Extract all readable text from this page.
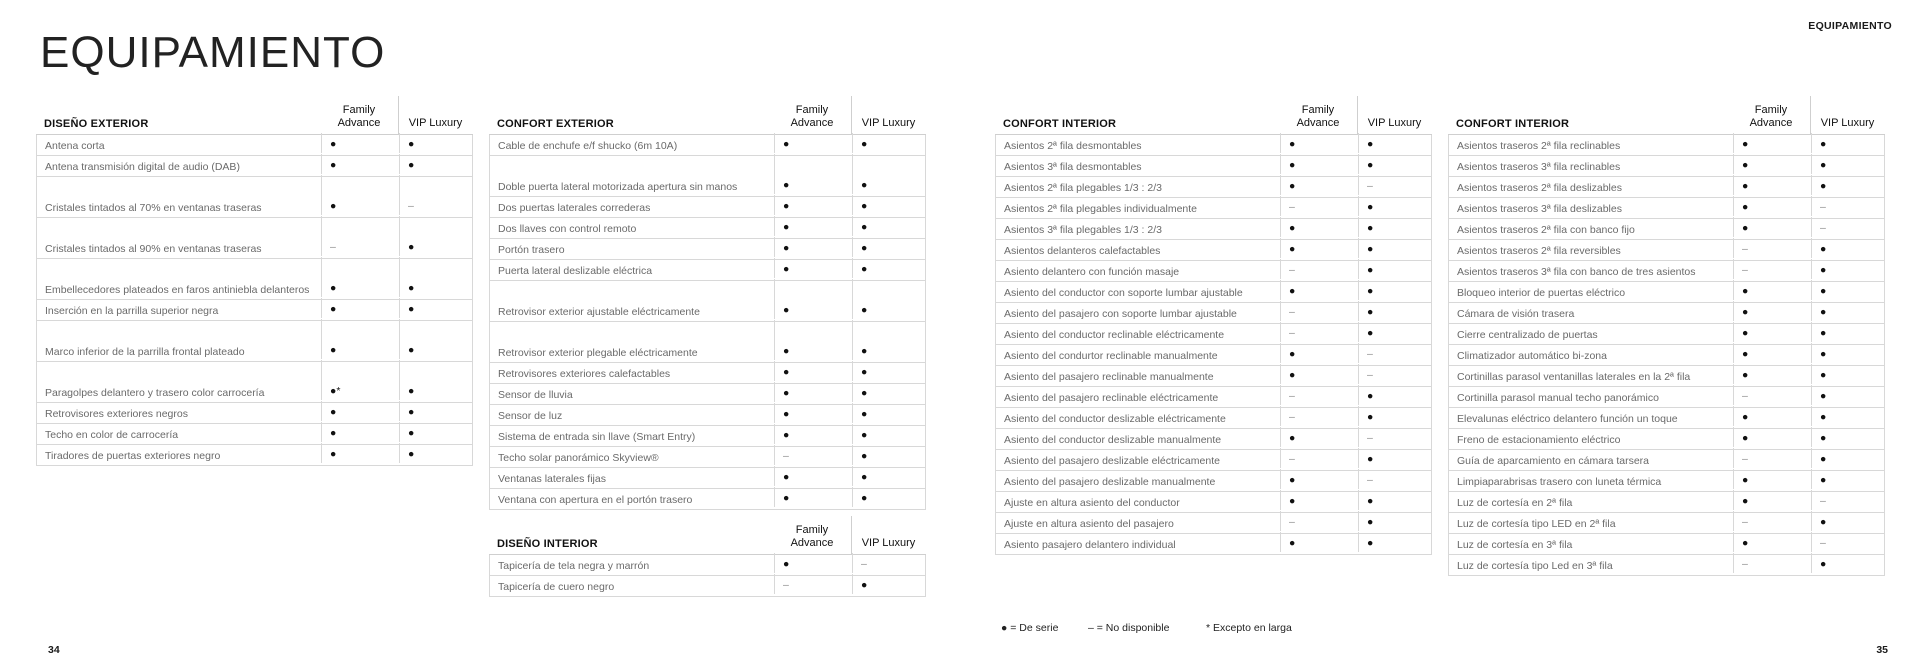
EQUIPAMIENTO
EQUIPAMIENTO
34	35
DISEÑO EXTERIOR
Family
Advance	VIP Luxury
Antena corta	●	●
Antena transmisión digital de audio (DAB)	●	●
Cristales tintados al 70% en ventanas traseras	●	–
Cristales tintados al 90% en ventanas traseras	–	●
Embellecedores plateados en faros antiniebla delanteros	●	●
Inserción en la parrilla superior negra	●	●
Marco inferior de la parrilla frontal plateado	●	●
Paragolpes delantero y trasero color carrocería	●*	●
Retrovisores exteriores negros	●	●
Techo en color de carrocería	●	●
Tiradores de puertas exteriores negro	●	●
CONFORT EXTERIOR
Family
Advance	VIP Luxury
Cable de enchufe e/f shucko (6m 10A)	●	●
Doble puerta lateral motorizada apertura sin manos	●	●
Dos puertas laterales correderas	●	●
Dos llaves con control remoto	●	●
Portón trasero	●	●
Puerta lateral deslizable eléctrica	●	●
Retrovisor exterior ajustable eléctricamente	●	●
Retrovisor exterior plegable eléctricamente	●	●
Retrovisores exteriores calefactables	●	●
Sensor de lluvia	●	●
Sensor de luz	●	●
Sistema de entrada sin llave (Smart Entry)	●	●
Techo solar panorámico Skyview®	–	●
Ventanas laterales fijas	●	●
Ventana con apertura en el portón trasero	●	●
DISEÑO INTERIOR
Family
Advance	VIP Luxury
Tapicería de tela negra y marrón	●	–
Tapicería de cuero negro	–	●
CONFORT INTERIOR
Family
Advance	VIP Luxury
Asientos 2ª fila desmontables	●	●
Asientos 3ª fila desmontables	●	●
Asientos 2ª fila plegables 1/3 : 2/3	●	–
Asientos 2ª fila plegables individualmente	–	●
Asientos 3ª fila plegables 1/3 : 2/3	●	●
Asientos delanteros calefactables	●	●
Asiento delantero con función masaje	–	●
Asiento del conductor con soporte lumbar ajustable	●	●
Asiento del pasajero con soporte lumbar ajustable	–	●
Asiento del conductor reclinable eléctricamente	–	●
Asiento del condurtor reclinable manualmente	●	–
Asiento del pasajero reclinable manualmente	●	–
Asiento del pasajero reclinable eléctricamente	–	●
Asiento del conductor deslizable eléctricamente	–	●
Asiento del conductor deslizable manualmente	●	–
Asiento del pasajero deslizable eléctricamente	–	●
Asiento del pasajero deslizable manualmente	●	–
Ajuste en altura asiento del conductor	●	●
Ajuste en altura asiento del pasajero	–	●
Asiento pasajero delantero individual	●	●
CONFORT INTERIOR
Family
Advance	VIP Luxury
Asientos traseros 2ª fila reclinables	●	●
Asientos traseros 3ª fila reclinables	●	●
Asientos traseros 2ª fila deslizables	●	●
Asientos traseros 3ª fila deslizables	●	–
Asientos traseros 2ª fila con banco fijo	●	–
Asientos traseros 2ª fila reversibles	–	●
Asientos traseros 3ª fila con banco de tres asientos	–	●
Bloqueo interior de puertas eléctrico	●	●
Cámara de visión trasera	●	●
Cierre centralizado de puertas	●	●
Climatizador automático bi-zona	●	●
Cortinillas parasol ventanillas laterales en la 2ª fila	●	●
Cortinilla parasol manual techo panorámico	–	●
Elevalunas eléctrico delantero función un toque	●	●
Freno de estacionamiento eléctrico	●	●
Guía de aparcamiento en cámara tarsera	–	●
Limpiaparabrisas trasero con luneta térmica	●	●
Luz de cortesía en 2ª fila	●	–
Luz de cortesía tipo LED en 2ª fila	–	●
Luz de cortesía en 3ª fila	●	–
Luz de cortesía tipo Led en 3ª fila	–	●
● = De serie	– = No disponible	* Excepto en larga
